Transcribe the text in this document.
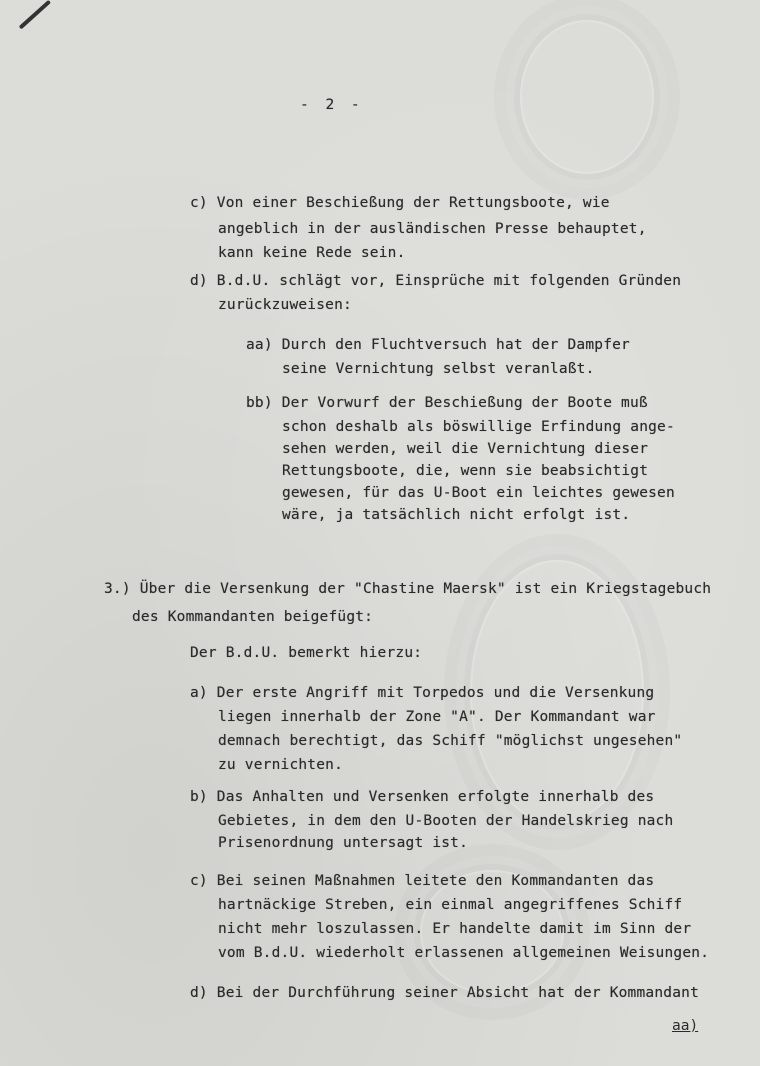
- 2 -
c) Von einer Beschießung der Rettungsboote, wie
angeblich in der ausländischen Presse behauptet,
kann keine Rede sein.
d) B.d.U. schlägt vor, Einsprüche mit folgenden Gründen
zurückzuweisen:
aa) Durch den Fluchtversuch hat der Dampfer
seine Vernichtung selbst veranlaßt.
bb) Der Vorwurf der Beschießung der Boote muß
schon deshalb als böswillige Erfindung ange-
sehen werden, weil die Vernichtung dieser
Rettungsboote, die, wenn sie beabsichtigt
gewesen, für das U-Boot ein leichtes gewesen
wäre, ja tatsächlich nicht erfolgt ist.
3.) Über die Versenkung der "Chastine Maersk" ist ein Kriegstagebuch
des Kommandanten beigefügt:
Der B.d.U. bemerkt hierzu:
a) Der erste Angriff mit Torpedos und die Versenkung
liegen innerhalb der Zone "A". Der Kommandant war
demnach berechtigt, das Schiff "möglichst ungesehen"
zu vernichten.
b) Das Anhalten und Versenken erfolgte innerhalb des
Gebietes, in dem den U-Booten der Handelskrieg nach
Prisenordnung untersagt ist.
c) Bei seinen Maßnahmen leitete den Kommandanten das
hartnäckige Streben, ein einmal angegriffenes Schiff
nicht mehr loszulassen. Er handelte damit im Sinn der
vom B.d.U. wiederholt erlassenen allgemeinen Weisungen.
d) Bei der Durchführung seiner Absicht hat der Kommandant
aa)
